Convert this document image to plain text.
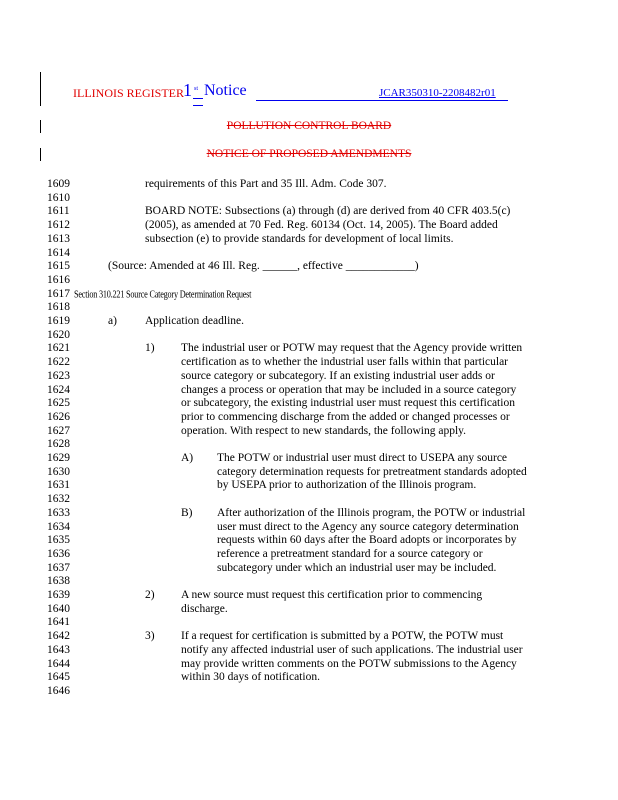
ILLINOIS REGISTER 1 st Notice	JCAR350310-2208482r01
POLLUTION CONTROL BOARD
NOTICE OF PROPOSED AMENDMENTS
1609	requirements of this Part and 35 Ill. Adm. Code 307.
1610
1611	BOARD NOTE: Subsections (a) through (d) are derived from 40 CFR 403.5(c)
1612	(2005), as amended at 70 Fed. Reg. 60134 (Oct. 14, 2005). The Board added
1613	subsection (e) to provide standards for development of local limits.
1614
1615	(Source: Amended at 46 Ill. Reg. ______, effective ____________)
1616
1617 Section 310.221 Source Category Determination Request
1618
1619	a) Application deadline.
1620
1621	1) The industrial user or POTW may request that the Agency provide written
1622	certification as to whether the industrial user falls within that particular
1623	source category or subcategory. If an existing industrial user adds or
1624	changes a process or operation that may be included in a source category
1625	or subcategory, the existing industrial user must request this certification
1626	prior to commencing discharge from the added or changed processes or
1627	operation. With respect to new standards, the following apply.
1628
1629	A) The POTW or industrial user must direct to USEPA any source
1630	category determination requests for pretreatment standards adopted
1631	by USEPA prior to authorization of the Illinois program.
1632
1633	B) After authorization of the Illinois program, the POTW or industrial
1634	user must direct to the Agency any source category determination
1635	requests within 60 days after the Board adopts or incorporates by
1636	reference a pretreatment standard for a source category or
1637	subcategory under which an industrial user may be included.
1638
1639	2) A new source must request this certification prior to commencing
1640	discharge.
1641
1642	3) If a request for certification is submitted by a POTW, the POTW must
1643	notify any affected industrial user of such applications. The industrial user
1644	may provide written comments on the POTW submissions to the Agency
1645	within 30 days of notification.
1646
